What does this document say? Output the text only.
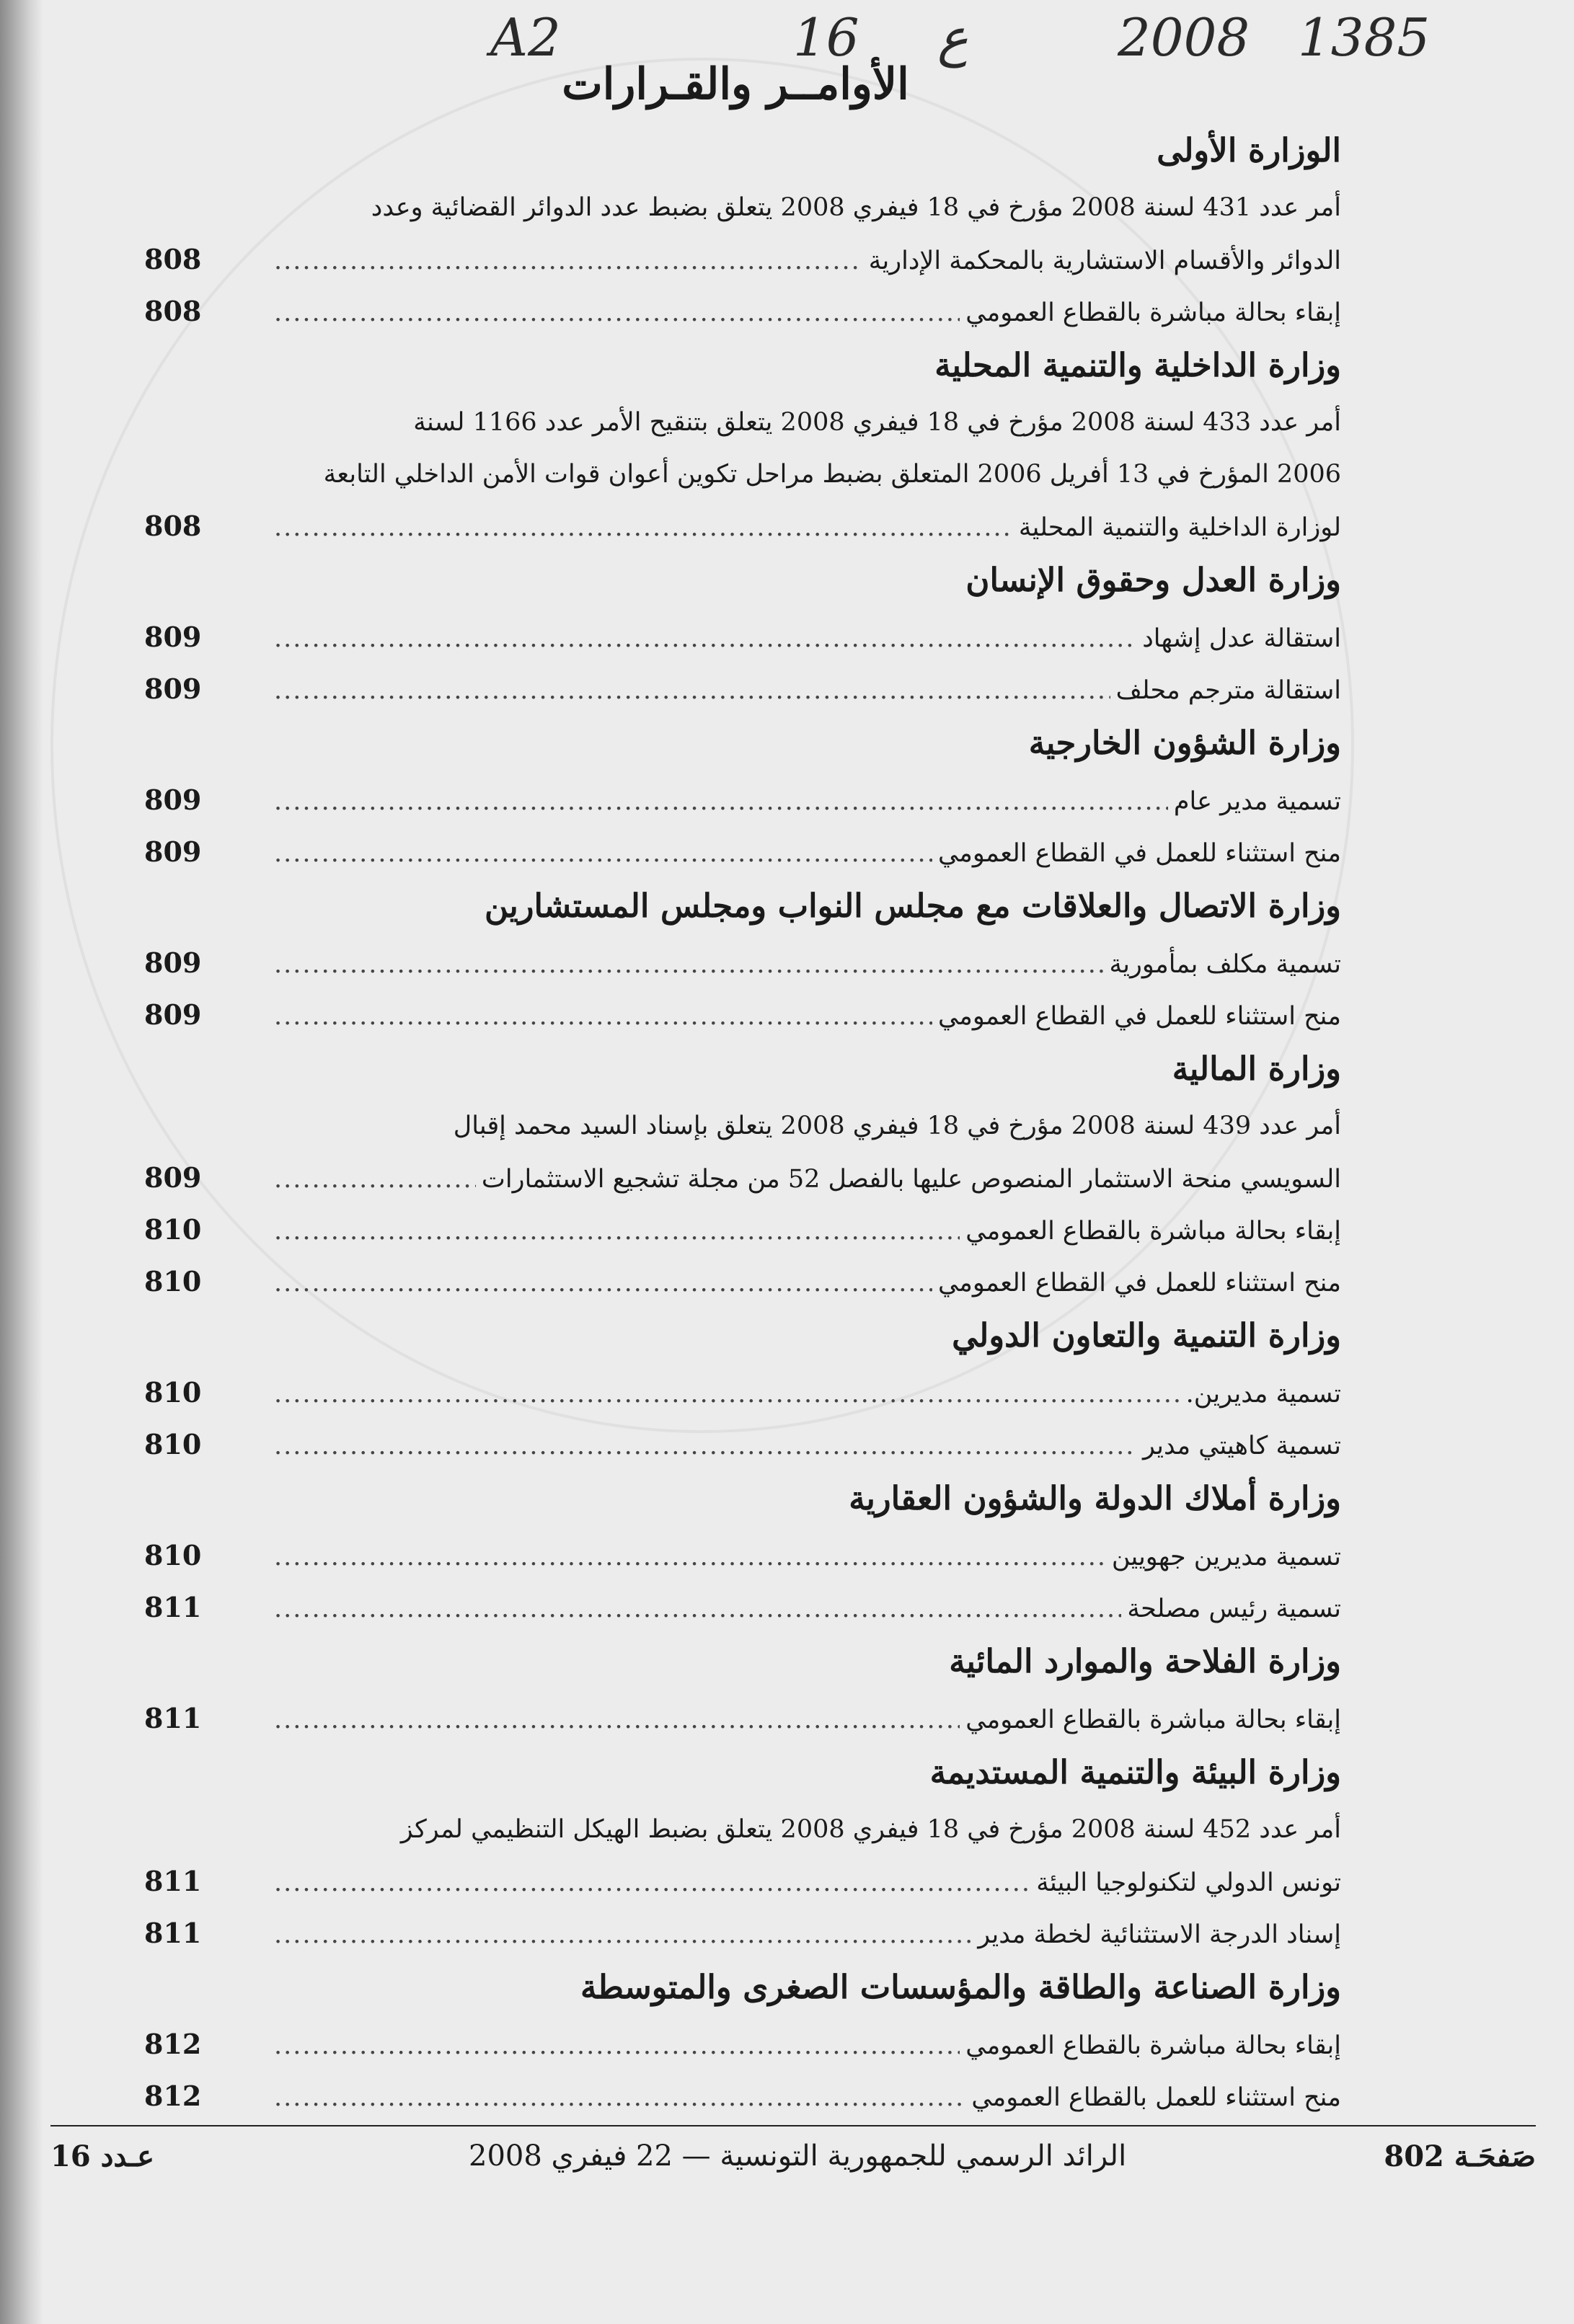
A2	16 ع	2008 1385
الأوامــر والقـرارات
الوزارة الأولى
أمر عدد 431 لسنة 2008 مؤرخ في 18 فيفري 2008 يتعلق بضبط عدد الدوائر القضائية وعدد
808 .....	الدوائر والأقسام الاستشارية بالمحكمة الإدارية
808 .....	إبقاء بحالة مباشرة بالقطاع العمومي
وزارة الداخلية والتنمية المحلية
أمر عدد 433 لسنة 2008 مؤرخ في 18 فيفري 2008 يتعلق بتنقيح الأمر عدد 1166 لسنة
2006 المؤرخ في 13 أفريل 2006 المتعلق بضبط مراحل تكوين أعوان قوات الأمن الداخلي التابعة
808 .....	لوزارة الداخلية والتنمية المحلية
وزارة العدل وحقوق الإنسان
809 .....	استقالة عدل إشهاد
809 .....	استقالة مترجم محلف
وزارة الشؤون الخارجية
809 .....	تسمية مدير عام
809 .....	منح استثناء للعمل في القطاع العمومي
وزارة الاتصال والعلاقات مع مجلس النواب ومجلس المستشارين
809 .....	تسمية مكلف بمأمورية
809 .....	منح استثناء للعمل في القطاع العمومي
وزارة المالية
أمر عدد 439 لسنة 2008 مؤرخ في 18 فيفري 2008 يتعلق بإسناد السيد محمد إقبال
809 .....	السويسي منحة الاستثمار المنصوص عليها بالفصل 52 من مجلة تشجيع الاستثمارات
810 .....	إبقاء بحالة مباشرة بالقطاع العمومي
810 .....	منح استثناء للعمل في القطاع العمومي
وزارة التنمية والتعاون الدولي
810 .....	تسمية مديرين.
810 .....	تسمية كاهيتي مدير
وزارة أملاك الدولة والشؤون العقارية
810 .....	تسمية مديرين جهويين
811 .....	تسمية رئيس مصلحة
وزارة الفلاحة والموارد المائية
811 .....	إبقاء بحالة مباشرة بالقطاع العمومي
وزارة البيئة والتنمية المستديمة
أمر عدد 452 لسنة 2008 مؤرخ في 18 فيفري 2008 يتعلق بضبط الهيكل التنظيمي لمركز
811 .....	تونس الدولي لتكنولوجيا البيئة
811 .....	إسناد الدرجة الاستثنائية لخطة مدير
وزارة الصناعة والطاقة والمؤسسات الصغرى والمتوسطة
812 .....	إبقاء بحالة مباشرة بالقطاع العمومي
812 .....	منح استثناء للعمل بالقطاع العمومي
عـدد 16	الرائد الرسمي للجمهورية التونسية — 22 فيفري 2008	صَفحَـة 802
